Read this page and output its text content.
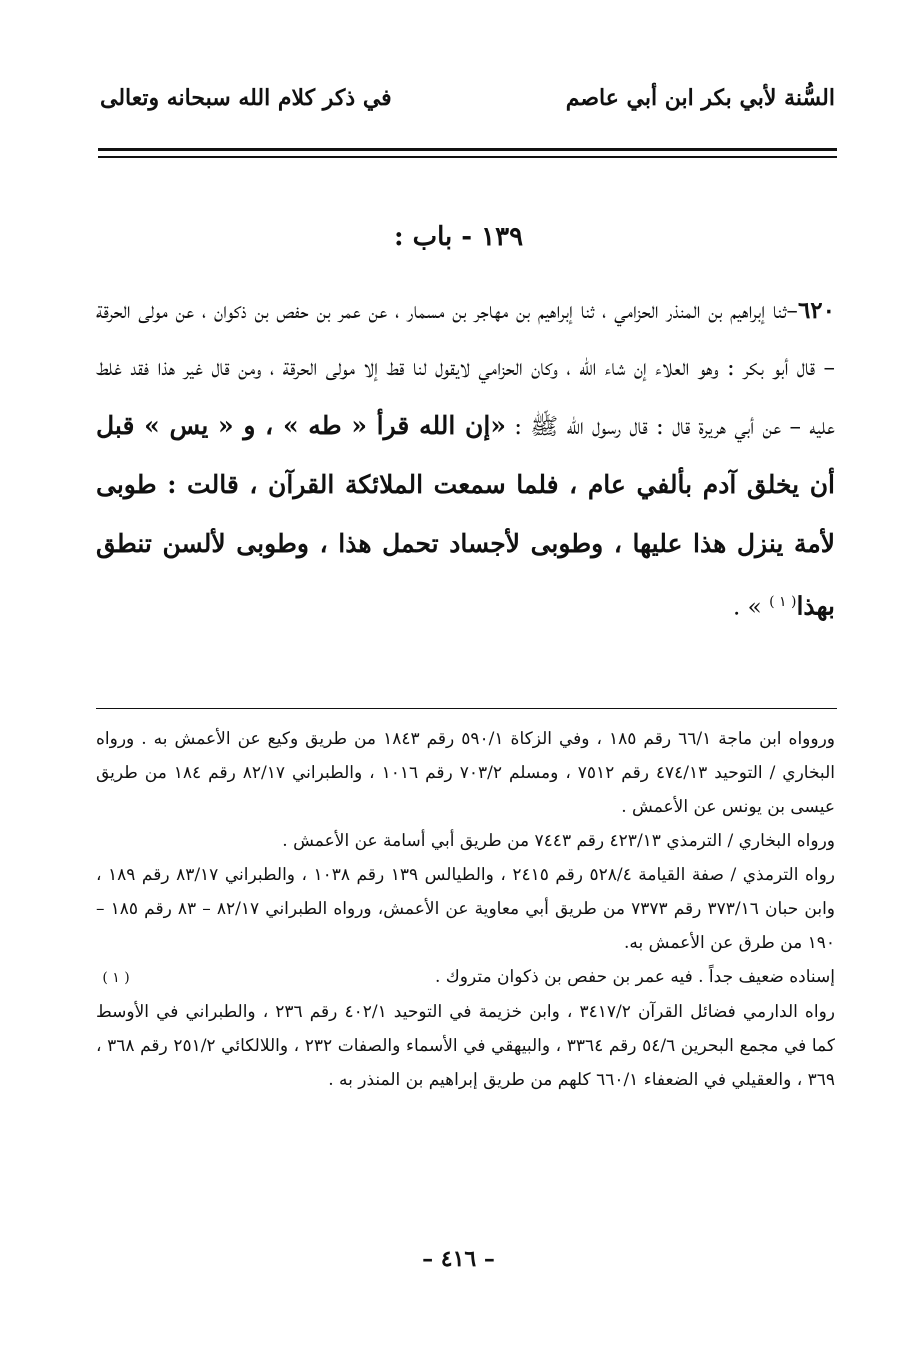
السُّنة لأبي بكر ابن أبي عاصم
في ذكر كلام الله سبحانه وتعالى
١٣٩ - باب :
٦٢٠–ثنا إبراهيم بن المنذر الحزامي ، ثنا إبراهيم بن مهاجر بن مسمار ، عن عمر بن حفص بن ذكوان ، عن مولى الحرقة – قال أبو بكر : وهو العلاء إن شاء الله ، وكان الحزامي لايقول لنا قط إلا مولى الحرقة ، ومن قال غير هذا فقد غلط عليه – عن أبي هريرة قال : قال رسول الله ﷺ : «إن الله قرأ « طه » ، و « يس » قبل أن يخلق آدم بألفي عام ، فلما سمعت الملائكة القرآن ، قالت : طوبى لأمة ينزل هذا عليها ، وطوبى لأجساد تحمل هذا ، وطوبى لألسن تنطق بهذا$^{( ١ )}$ » .
وروواه ابن ماجة ٦٦/١ رقم ١٨٥ ، وفي الزكاة ٥٩٠/١ رقم ١٨٤٣ من طريق وكيع عن الأعمش به . ورواه البخاري / التوحيد ٤٧٤/١٣ رقم ٧٥١٢ ، ومسلم ٧٠٣/٢ رقم ١٠١٦ ، والطبراني ٨٢/١٧ رقم ١٨٤ من طريق عيسى بن يونس عن الأعمش .
ورواه البخاري / الترمذي ٤٢٣/١٣ رقم ٧٤٤٣ من طريق أبي أسامة عن الأعمش .
رواه الترمذي / صفة القيامة ٥٢٨/٤ رقم ٢٤١٥ ، والطيالس ١٣٩ رقم ١٠٣٨ ، والطبراني ٨٣/١٧ رقم ١٨٩ ، وابن حبان ٣٧٣/١٦ رقم ٧٣٧٣ من طريق أبي معاوية عن الأعمش، ورواه الطبراني ٨٢/١٧ – ٨٣ رقم ١٨٥ – ١٩٠ من طرق عن الأعمش به.
إسناده ضعيف جداً . فيه عمر بن حفص بن ذكوان متروك .
( ١ )
رواه الدارمي فضائل القرآن ٣٤١٧/٢ ، وابن خزيمة في التوحيد ٤٠٢/١ رقم ٢٣٦ ، والطبراني في الأوسط كما في مجمع البحرين ٥٤/٦ رقم ٣٣٦٤ ، والبيهقي في الأسماء والصفات ٢٣٢ ، واللالكائي ٢٥١/٢ رقم ٣٦٨ ، ٣٦٩ ، والعقيلي في الضعفاء ٦٦٠/١ كلهم من طريق إبراهيم بن المنذر به .
– ٤١٦ –
